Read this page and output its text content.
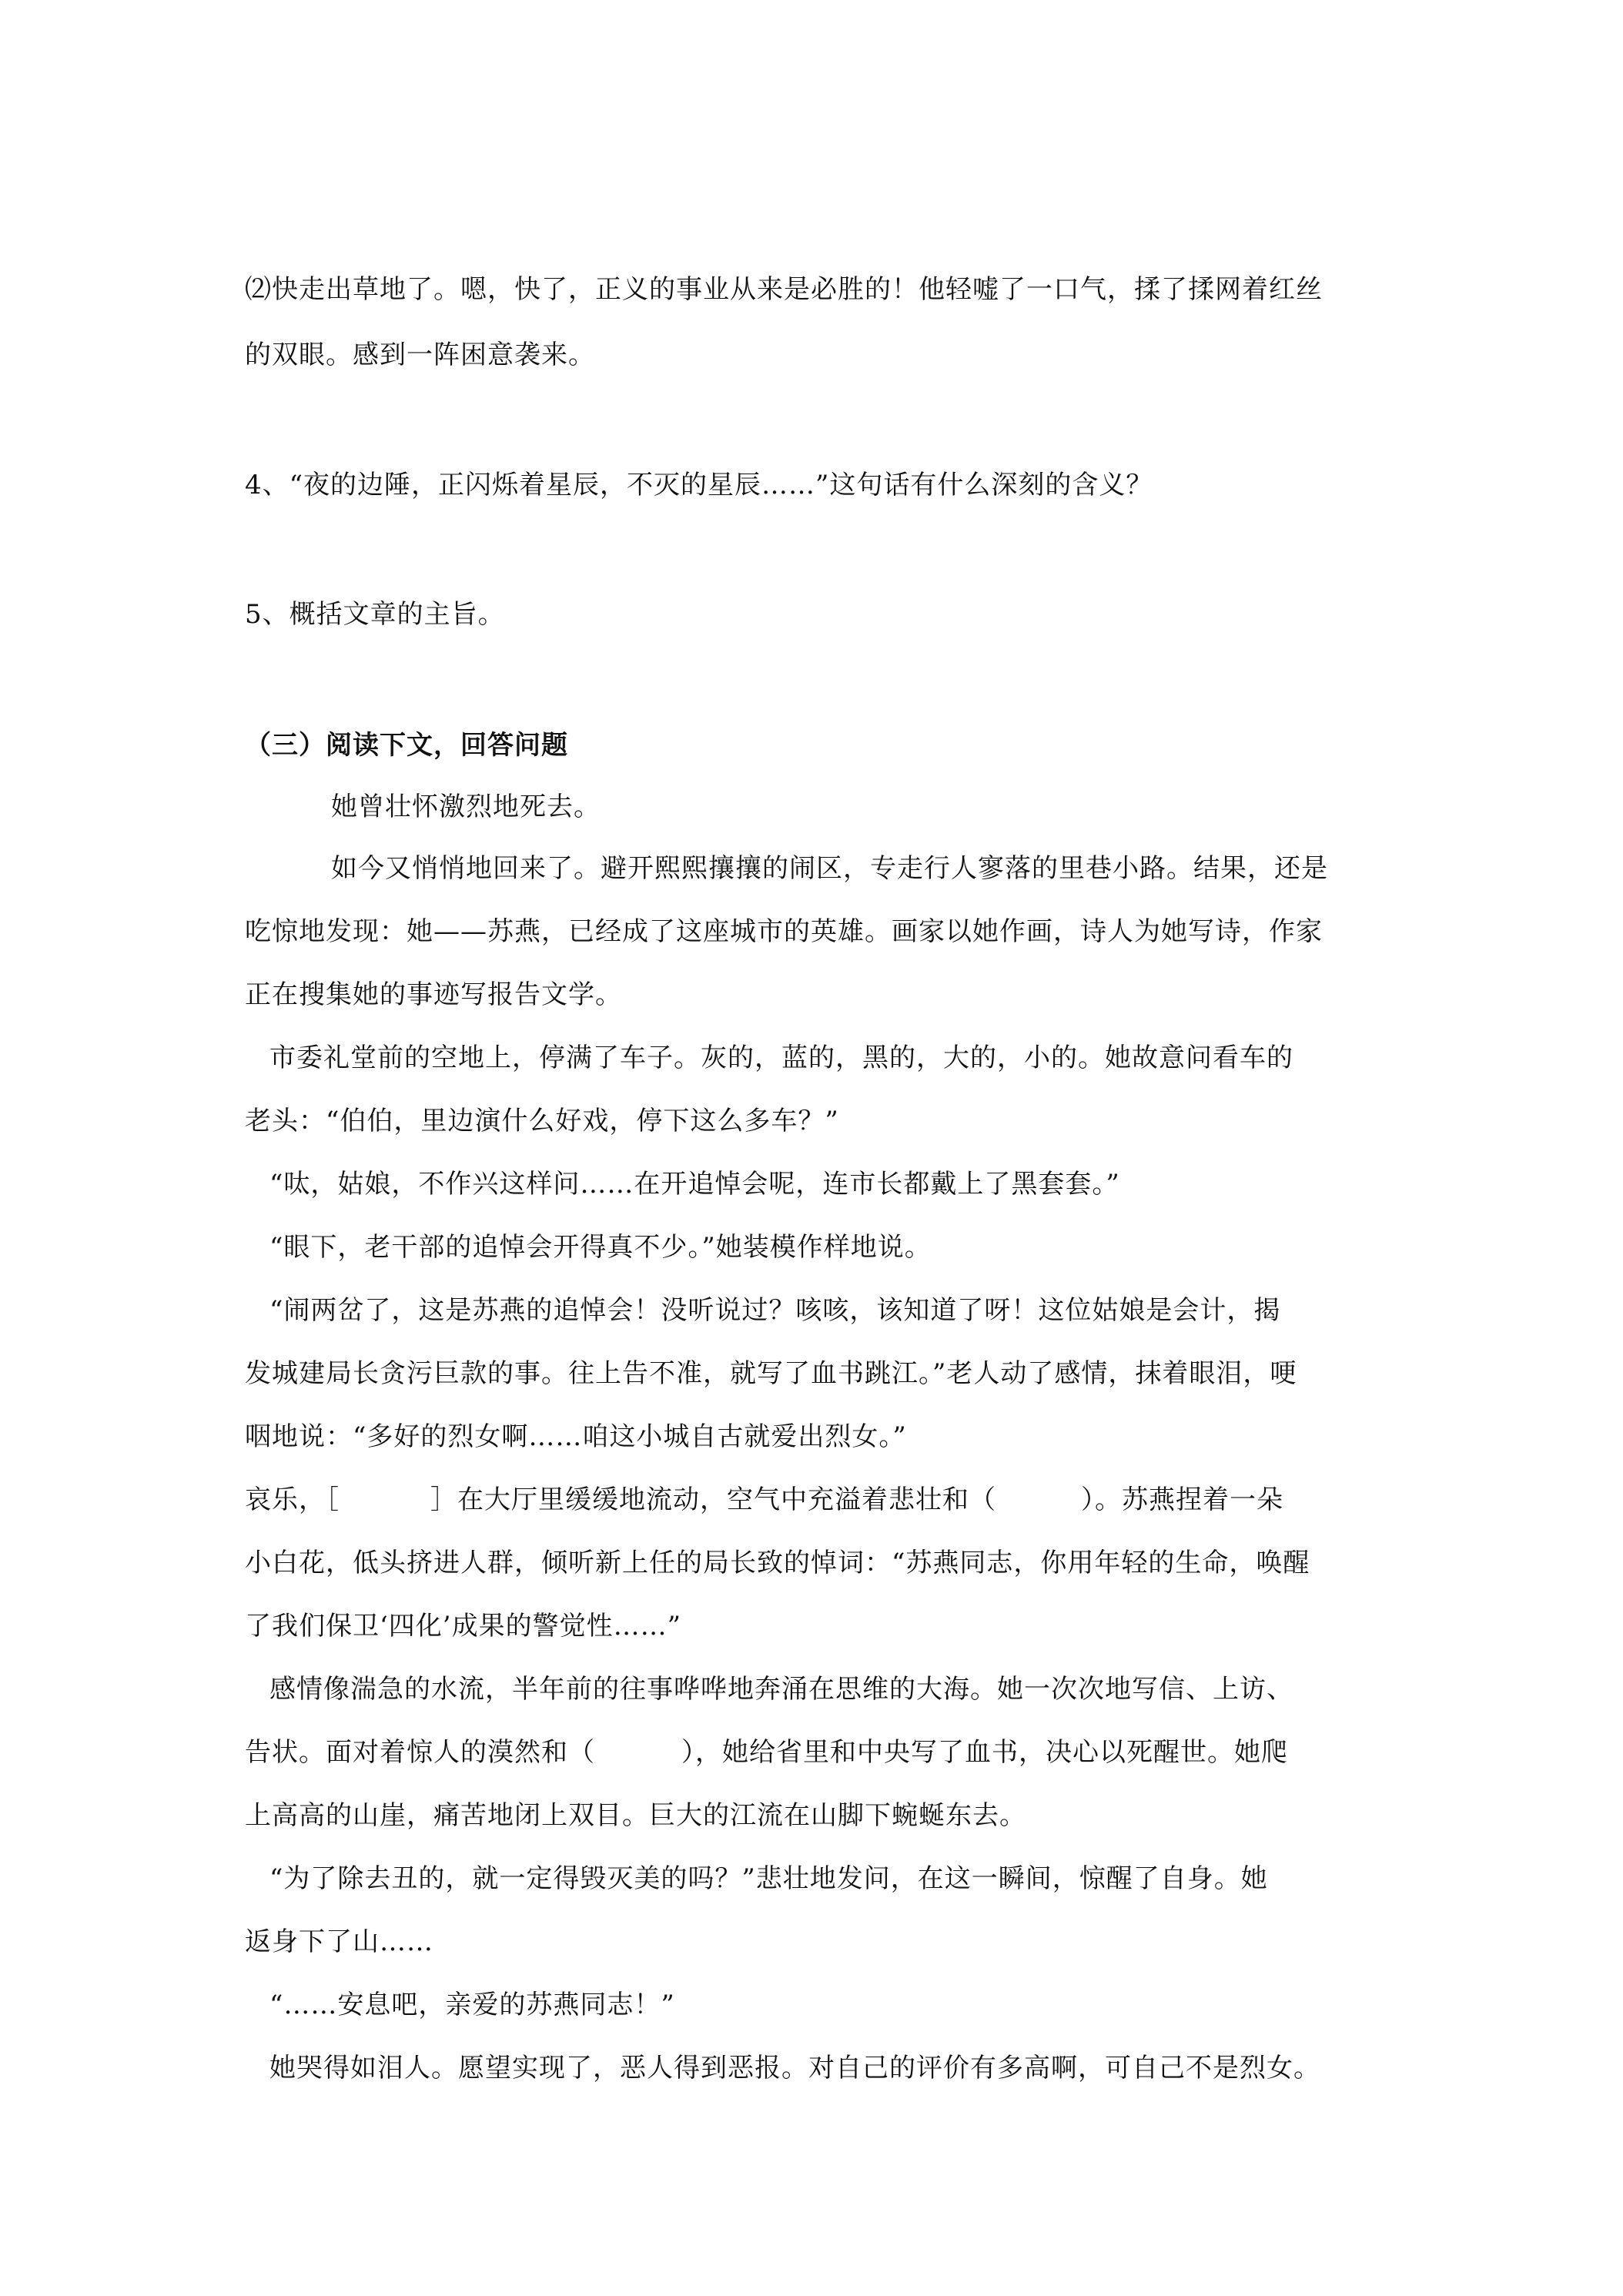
⑵快走出草地了。嗯，快了，正义的事业从来是必胜的！他轻嘘了一口气，揉了揉网着红丝
的双眼。感到一阵困意袭来。
4、“夜的边陲，正闪烁着星辰，不灭的星辰……”这句话有什么深刻的含义？
5、概括文章的主旨。
（三）阅读下文，回答问题
她曾壮怀激烈地死去。
如今又悄悄地回来了。避开熙熙攘攘的闹区，专走行人寥落的里巷小路。结果，还是
吃惊地发现：她——苏燕，已经成了这座城市的英雄。画家以她作画，诗人为她写诗，作家
正在搜集她的事迹写报告文学。
市委礼堂前的空地上，停满了车子。灰的，蓝的，黑的，大的，小的。她故意问看车的
老头：“伯伯，里边演什么好戏，停下这么多车？”
“呔，姑娘，不作兴这样问……在开追悼会呢，连市长都戴上了黑套套。”
“眼下，老干部的追悼会开得真不少。”她装模作样地说。
“闹两岔了，这是苏燕的追悼会！没听说过？咳咳，该知道了呀！这位姑娘是会计，揭
发城建局长贪污巨款的事。往上告不准，就写了血书跳江。”老人动了感情，抹着眼泪，哽
咽地说：“多好的烈女啊……咱这小城自古就爱出烈女。”
哀乐，［	］在大厅里缓缓地流动，空气中充溢着悲壮和（	）。苏燕捏着一朵
小白花，低头挤进人群，倾听新上任的局长致的悼词：“苏燕同志，你用年轻的生命，唤醒
了我们保卫‘四化’成果的警觉性……”
感情像湍急的水流，半年前的往事哗哗地奔涌在思维的大海。她一次次地写信、上访、
告状。面对着惊人的漠然和（	），她给省里和中央写了血书，决心以死醒世。她爬
上高高的山崖，痛苦地闭上双目。巨大的江流在山脚下蜿蜒东去。
“为了除去丑的，就一定得毁灭美的吗？”悲壮地发问，在这一瞬间，惊醒了自身。她
返身下了山……
“……安息吧，亲爱的苏燕同志！”
她哭得如泪人。愿望实现了，恶人得到恶报。对自己的评价有多高啊，可自己不是烈女。
